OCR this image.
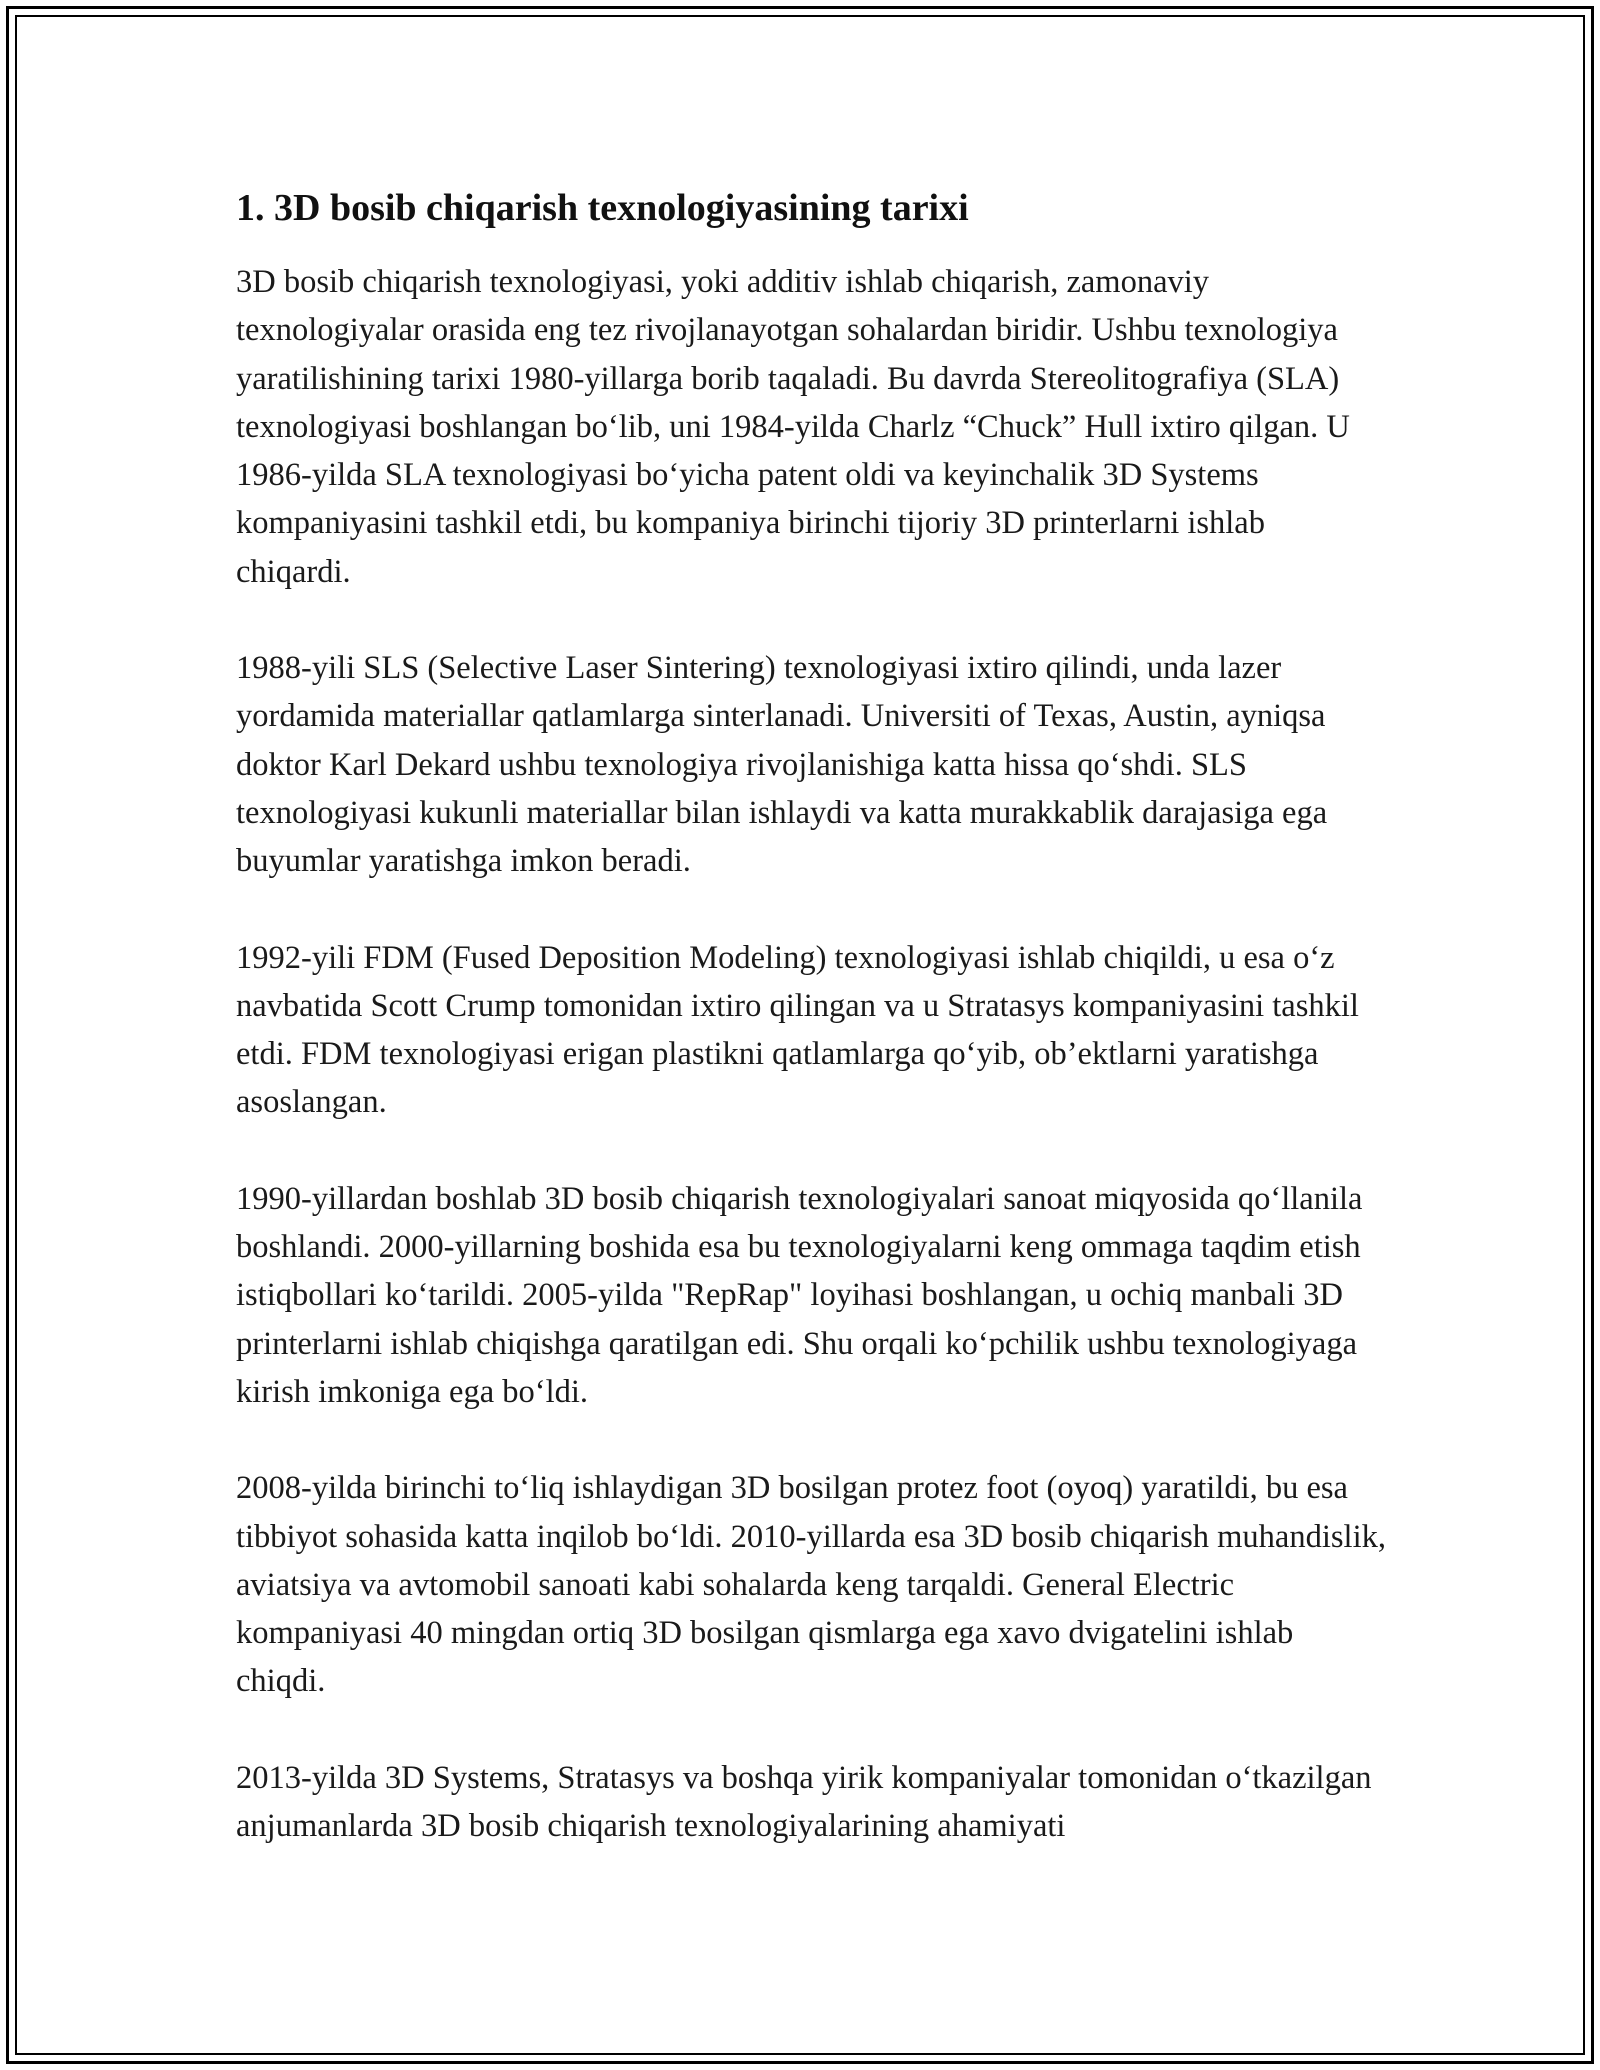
1. 3D bosib chiqarish texnologiyasining tarixi

3D bosib chiqarish texnologiyasi, yoki additiv ishlab chiqarish, zamonaviy texnologiyalar orasida eng tez rivojlanayotgan sohalardan biridir. Ushbu texnologiya yaratilishining tarixi 1980-yillarga borib taqaladi. Bu davrda Stereolitografiya (SLA) texnologiyasi boshlangan bo‘lib, uni 1984-yilda Charlz “Chuck” Hull ixtiro qilgan. U 1986-yilda SLA texnologiyasi bo‘yicha patent oldi va keyinchalik 3D Systems kompaniyasini tashkil etdi, bu kompaniya birinchi tijoriy 3D printerlarni ishlab chiqardi.

1988-yili SLS (Selective Laser Sintering) texnologiyasi ixtiro qilindi, unda lazer yordamida materiallar qatlamlarga sinterlanadi. Universiti of Texas, Austin, ayniqsa doktor Karl Dekard ushbu texnologiya rivojlanishiga katta hissa qo‘shdi. SLS texnologiyasi kukunli materiallar bilan ishlaydi va katta murakkablik darajasiga ega buyumlar yaratishga imkon beradi.

1992-yili FDM (Fused Deposition Modeling) texnologiyasi ishlab chiqildi, u esa o‘z navbatida Scott Crump tomonidan ixtiro qilingan va u Stratasys kompaniyasini tashkil etdi. FDM texnologiyasi erigan plastikni qatlamlarga qo‘yib, ob’ektlarni yaratishga asoslangan.

1990-yillardan boshlab 3D bosib chiqarish texnologiyalari sanoat miqyosida qo‘llanila boshlandi. 2000-yillarning boshida esa bu texnologiyalarni keng ommaga taqdim etish istiqbollari ko‘tarildi. 2005-yilda "RepRap" loyihasi boshlangan, u ochiq manbali 3D printerlarni ishlab chiqishga qaratilgan edi. Shu orqali ko‘pchilik ushbu texnologiyaga kirish imkoniga ega bo‘ldi.

2008-yilda birinchi to‘liq ishlaydigan 3D bosilgan protez foot (oyoq) yaratildi, bu esa tibbiyot sohasida katta inqilob bo‘ldi. 2010-yillarda esa 3D bosib chiqarish muhandislik, aviatsiya va avtomobil sanoati kabi sohalarda keng tarqaldi. General Electric kompaniyasi 40 mingdan ortiq 3D bosilgan qismlarga ega xavo dvigatelini ishlab chiqdi.

2013-yilda 3D Systems, Stratasys va boshqa yirik kompaniyalar tomonidan o‘tkazilgan anjumanlarda 3D bosib chiqarish texnologiyalarining ahamiyati
